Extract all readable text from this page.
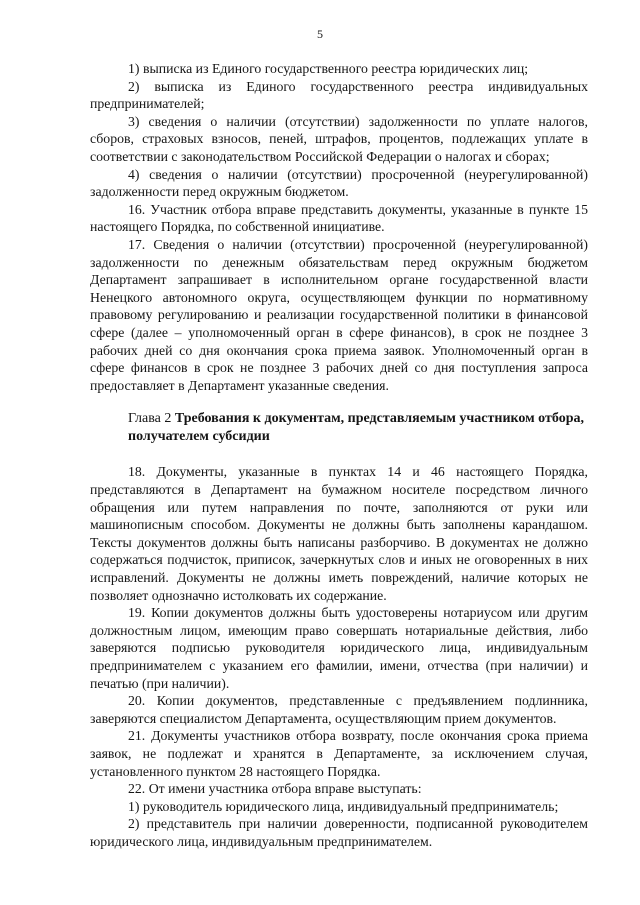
5

1) выписка из Единого государственного реестра юридических лиц;

2) выписка из Единого государственного реестра индивидуальных предпринимателей;

3) сведения о наличии (отсутствии) задолженности по уплате налогов, сборов, страховых взносов, пеней, штрафов, процентов, подлежащих уплате в соответствии с законодательством Российской Федерации о налогах и сборах;

4) сведения о наличии (отсутствии) просроченной (неурегулированной) задолженности перед окружным бюджетом.

16. Участник отбора вправе представить документы, указанные в пункте 15 настоящего Порядка, по собственной инициативе.

17. Сведения о наличии (отсутствии) просроченной (неурегулированной) задолженности по денежным обязательствам перед окружным бюджетом Департамент запрашивает в исполнительном органе государственной власти Ненецкого автономного округа, осуществляющем функции по нормативному правовому регулированию и реализации государственной политики в финансовой сфере (далее – уполномоченный орган в сфере финансов), в срок не позднее 3 рабочих дней со дня окончания срока приема заявок. Уполномоченный орган в сфере финансов в срок не позднее 3 рабочих дней со дня поступления запроса предоставляет в Департамент указанные сведения.

Глава 2 Требования к документам, представляемым участником отбора,
получателем субсидии

18. Документы, указанные в пунктах 14 и 46 настоящего Порядка, представляются в Департамент на бумажном носителе посредством личного обращения или путем направления по почте, заполняются от руки или машинописным способом. Документы не должны быть заполнены карандашом. Тексты документов должны быть написаны разборчиво. В документах не должно содержаться подчисток, приписок, зачеркнутых слов и иных не оговоренных в них исправлений. Документы не должны иметь повреждений, наличие которых не позволяет однозначно истолковать их содержание.

19. Копии документов должны быть удостоверены нотариусом или другим должностным лицом, имеющим право совершать нотариальные действия, либо заверяются подписью руководителя юридического лица, индивидуальным предпринимателем с указанием его фамилии, имени, отчества (при наличии) и печатью (при наличии).

20. Копии документов, представленные с предъявлением подлинника, заверяются специалистом Департамента, осуществляющим прием документов.

21. Документы участников отбора возврату, после окончания срока приема заявок, не подлежат и хранятся в Департаменте, за исключением случая, установленного пунктом 28 настоящего Порядка.

22. От имени участника отбора вправе выступать:

1) руководитель юридического лица, индивидуальный предприниматель;

2) представитель при наличии доверенности, подписанной руководителем юридического лица, индивидуальным предпринимателем.
